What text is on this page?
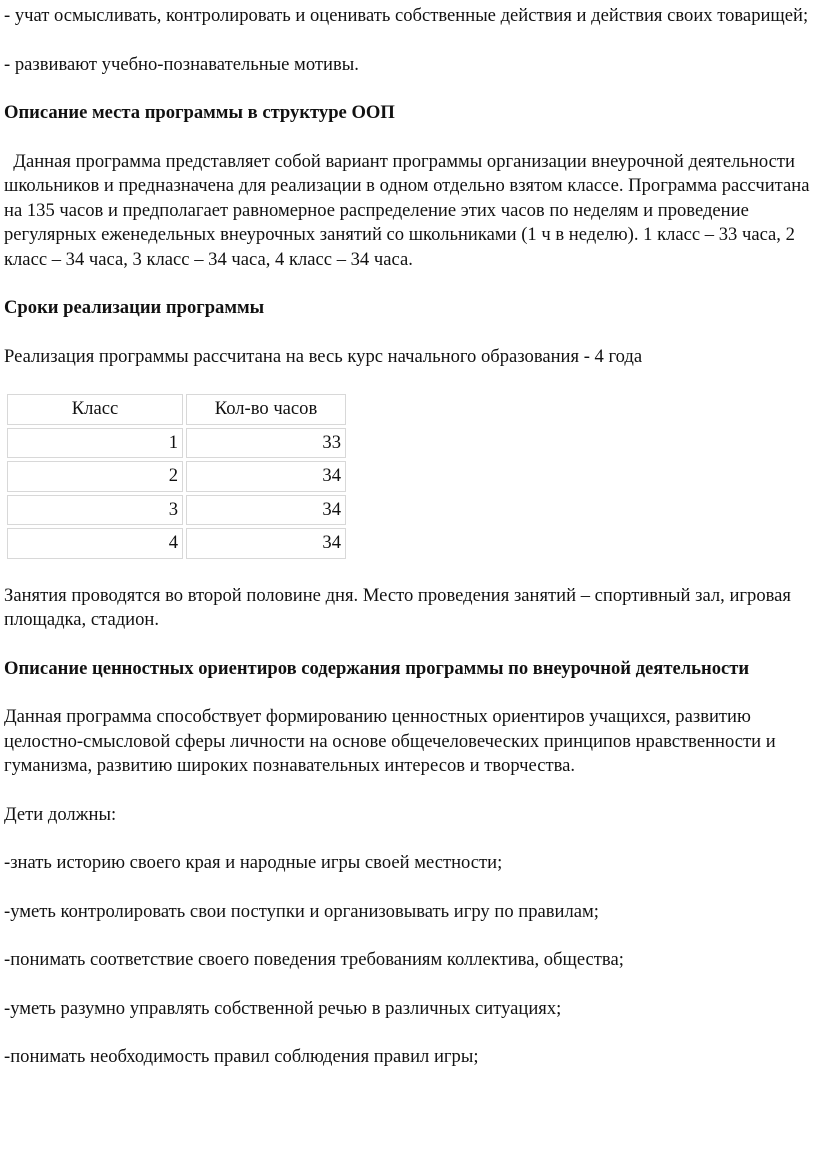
- учат осмысливать, контролировать и оценивать собственные действия и действия своих товарищей;

- развивают учебно-познавательные мотивы.

Описание места программы в структуре ООП

Данная программа представляет собой вариант программы организации внеурочной деятельности школьников и предназначена для реализации в одном отдельно взятом классе. Программа рассчитана на 135 часов и предполагает равномерное распределение этих часов по неделям и проведение регулярных еженедельных внеурочных занятий со школьниками (1 ч в неделю). 1 класс – 33 часа, 2 класс – 34 часа, 3 класс – 34 часа, 4 класс – 34 часа.

Сроки реализации программы

Реализация программы рассчитана на весь курс начального образования - 4 года

Класс	Кол-во часов
1	33
2	34
3	34
4	34

Занятия проводятся во второй половине дня. Место проведения занятий – спортивный зал, игровая площадка, стадион.

Описание ценностных ориентиров содержания программы по внеурочной деятельности

Данная программа способствует формированию ценностных ориентиров учащихся, развитию целостно-смысловой сферы личности на основе общечеловеческих принципов нравственности и гуманизма, развитию широких познавательных интересов и творчества.

Дети должны:

-знать историю своего края и народные игры своей местности;

-уметь контролировать свои поступки и организовывать игру по правилам;

-понимать соответствие своего поведения требованиям коллектива, общества;

-уметь разумно управлять собственной речью в различных ситуациях;

-понимать необходимость правил соблюдения правил игры;
